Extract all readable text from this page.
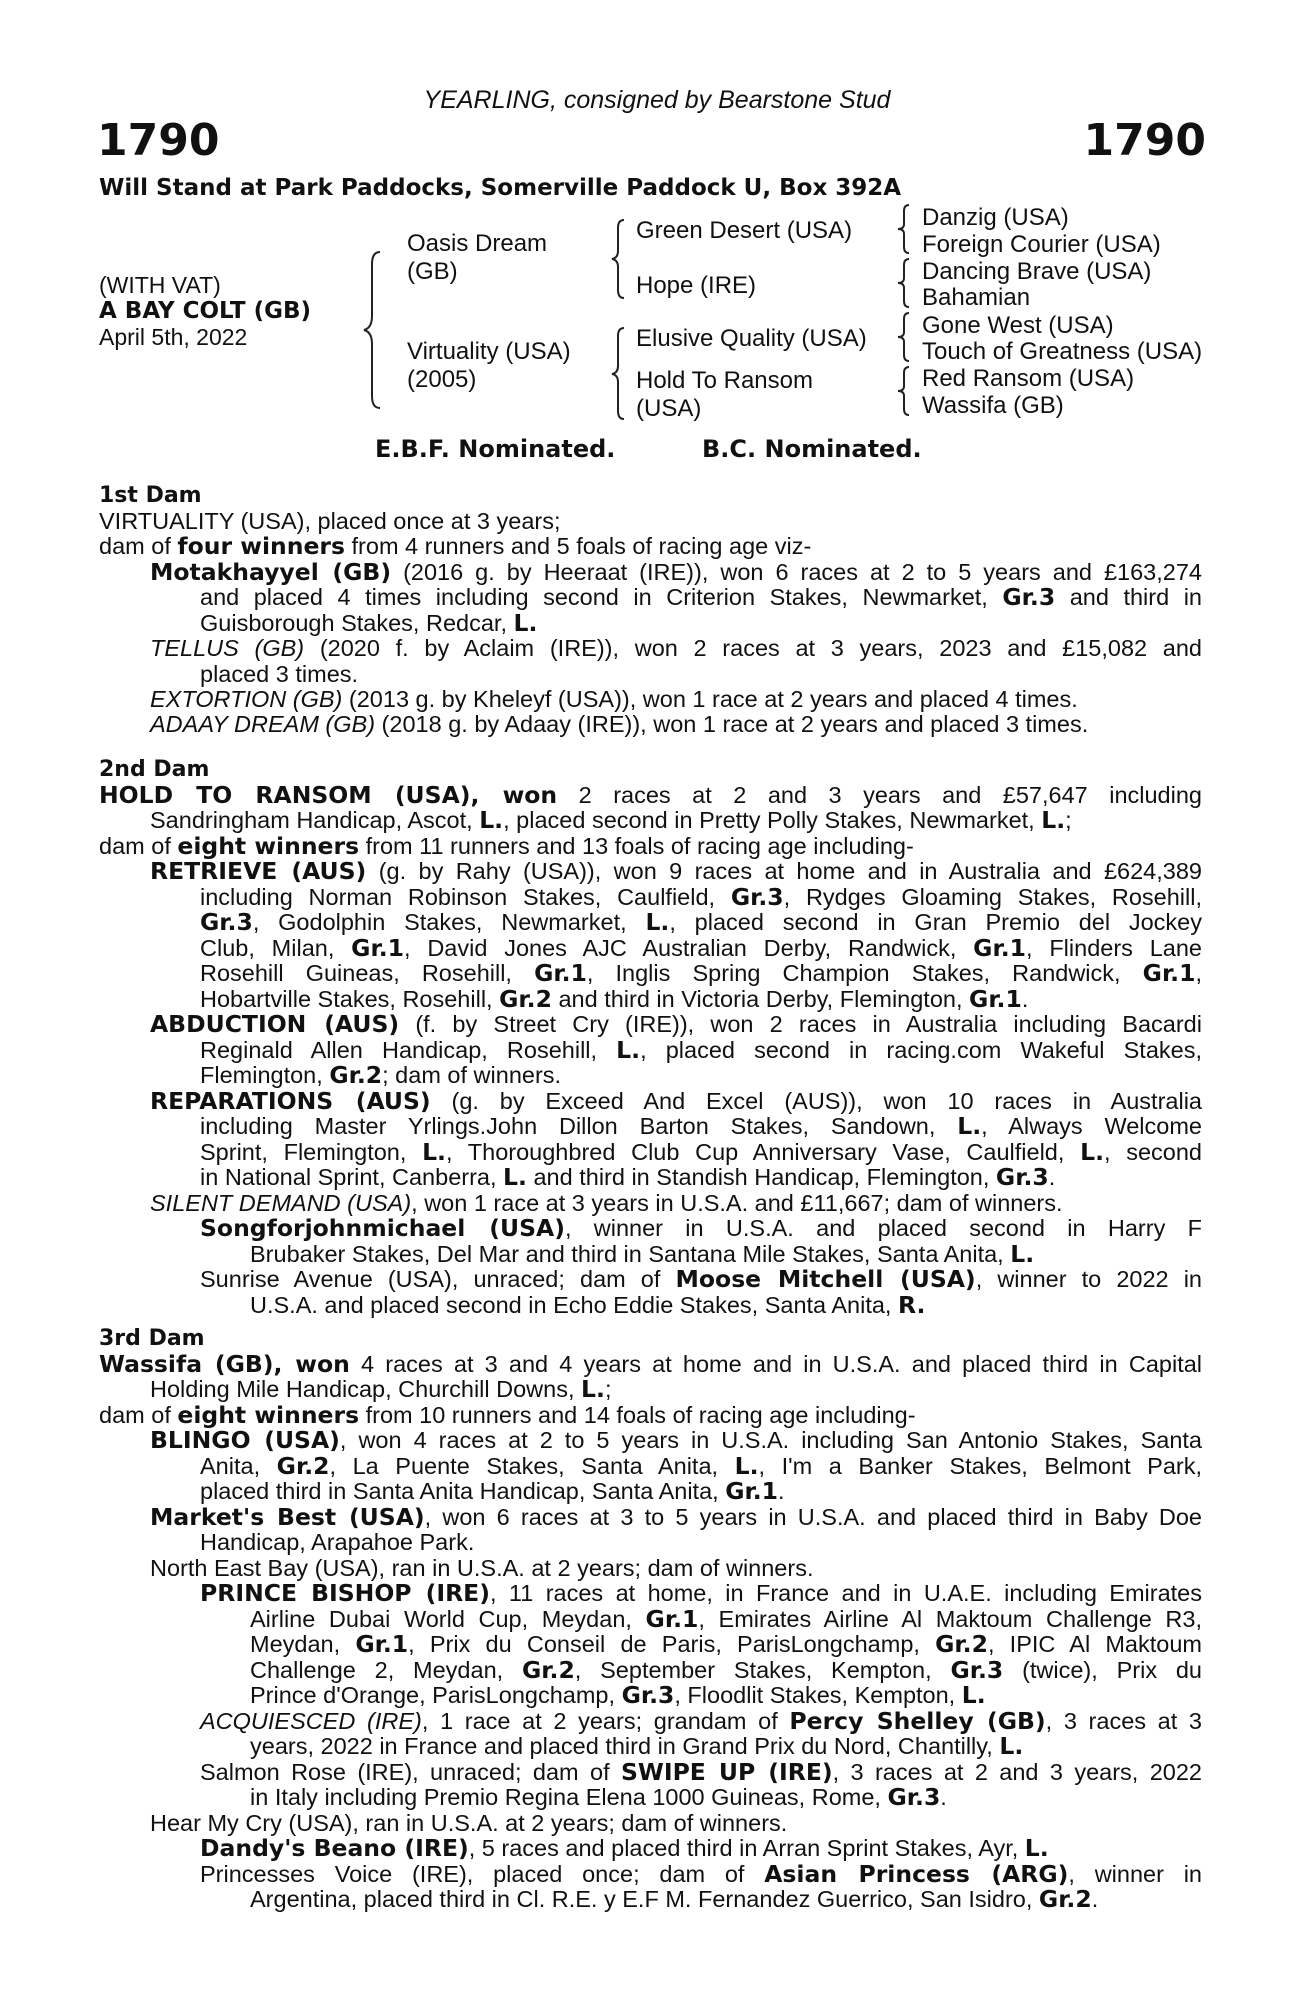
YEARLING, consigned by Bearstone Stud
1790	1790
Will Stand at Park Paddocks, Somerville Paddock U, Box 392A
(WITH VAT)
A BAY COLT (GB)
April 5th, 2022
Oasis Dream
(GB)
Virtuality (USA)
(2005)
Green Desert (USA)
Hope (IRE)
Elusive Quality (USA)
Hold To Ransom
(USA)
Danzig (USA)
Foreign Courier (USA)
Dancing Brave (USA)
Bahamian
Gone West (USA)
Touch of Greatness (USA)
Red Ransom (USA)
Wassifa (GB)
E.B.F. Nominated.	B.C. Nominated.
1st Dam
VIRTUALITY (USA), placed once at 3 years;
dam of four winners from 4 runners and 5 foals of racing age viz-
Motakhayyel (GB) (2016 g. by Heeraat (IRE)), won 6 races at 2 to 5 years and £163,274
and placed 4 times including second in Criterion Stakes, Newmarket, Gr.3 and third in
Guisborough Stakes, Redcar, L.
TELLUS (GB) (2020 f. by Aclaim (IRE)), won 2 races at 3 years, 2023 and £15,082 and
placed 3 times.
EXTORTION (GB) (2013 g. by Kheleyf (USA)), won 1 race at 2 years and placed 4 times.
ADAAY DREAM (GB) (2018 g. by Adaay (IRE)), won 1 race at 2 years and placed 3 times.
2nd Dam
HOLD TO RANSOM (USA), won 2 races at 2 and 3 years and £57,647 including
Sandringham Handicap, Ascot, L., placed second in Pretty Polly Stakes, Newmarket, L.;
dam of eight winners from 11 runners and 13 foals of racing age including-
RETRIEVE (AUS) (g. by Rahy (USA)), won 9 races at home and in Australia and £624,389
including Norman Robinson Stakes, Caulfield, Gr.3, Rydges Gloaming Stakes, Rosehill,
Gr.3, Godolphin Stakes, Newmarket, L., placed second in Gran Premio del Jockey
Club, Milan, Gr.1, David Jones AJC Australian Derby, Randwick, Gr.1, Flinders Lane
Rosehill Guineas, Rosehill, Gr.1, Inglis Spring Champion Stakes, Randwick, Gr.1,
Hobartville Stakes, Rosehill, Gr.2 and third in Victoria Derby, Flemington, Gr.1.
ABDUCTION (AUS) (f. by Street Cry (IRE)), won 2 races in Australia including Bacardi
Reginald Allen Handicap, Rosehill, L., placed second in racing.com Wakeful Stakes,
Flemington, Gr.2; dam of winners.
REPARATIONS (AUS) (g. by Exceed And Excel (AUS)), won 10 races in Australia
including Master Yrlings.John Dillon Barton Stakes, Sandown, L., Always Welcome
Sprint, Flemington, L., Thoroughbred Club Cup Anniversary Vase, Caulfield, L., second
in National Sprint, Canberra, L. and third in Standish Handicap, Flemington, Gr.3.
SILENT DEMAND (USA), won 1 race at 3 years in U.S.A. and £11,667; dam of winners.
Songforjohnmichael (USA), winner in U.S.A. and placed second in Harry F
Brubaker Stakes, Del Mar and third in Santana Mile Stakes, Santa Anita, L.
Sunrise Avenue (USA), unraced; dam of Moose Mitchell (USA), winner to 2022 in
U.S.A. and placed second in Echo Eddie Stakes, Santa Anita, R.
3rd Dam
Wassifa (GB), won 4 races at 3 and 4 years at home and in U.S.A. and placed third in Capital
Holding Mile Handicap, Churchill Downs, L.;
dam of eight winners from 10 runners and 14 foals of racing age including-
BLINGO (USA), won 4 races at 2 to 5 years in U.S.A. including San Antonio Stakes, Santa
Anita, Gr.2, La Puente Stakes, Santa Anita, L., I'm a Banker Stakes, Belmont Park,
placed third in Santa Anita Handicap, Santa Anita, Gr.1.
Market's Best (USA), won 6 races at 3 to 5 years in U.S.A. and placed third in Baby Doe
Handicap, Arapahoe Park.
North East Bay (USA), ran in U.S.A. at 2 years; dam of winners.
PRINCE BISHOP (IRE), 11 races at home, in France and in U.A.E. including Emirates
Airline Dubai World Cup, Meydan, Gr.1, Emirates Airline Al Maktoum Challenge R3,
Meydan, Gr.1, Prix du Conseil de Paris, ParisLongchamp, Gr.2, IPIC Al Maktoum
Challenge 2, Meydan, Gr.2, September Stakes, Kempton, Gr.3 (twice), Prix du
Prince d'Orange, ParisLongchamp, Gr.3, Floodlit Stakes, Kempton, L.
ACQUIESCED (IRE), 1 race at 2 years; grandam of Percy Shelley (GB), 3 races at 3
years, 2022 in France and placed third in Grand Prix du Nord, Chantilly, L.
Salmon Rose (IRE), unraced; dam of SWIPE UP (IRE), 3 races at 2 and 3 years, 2022
in Italy including Premio Regina Elena 1000 Guineas, Rome, Gr.3.
Hear My Cry (USA), ran in U.S.A. at 2 years; dam of winners.
Dandy's Beano (IRE), 5 races and placed third in Arran Sprint Stakes, Ayr, L.
Princesses Voice (IRE), placed once; dam of Asian Princess (ARG), winner in
Argentina, placed third in Cl. R.E. y E.F M. Fernandez Guerrico, San Isidro, Gr.2.
